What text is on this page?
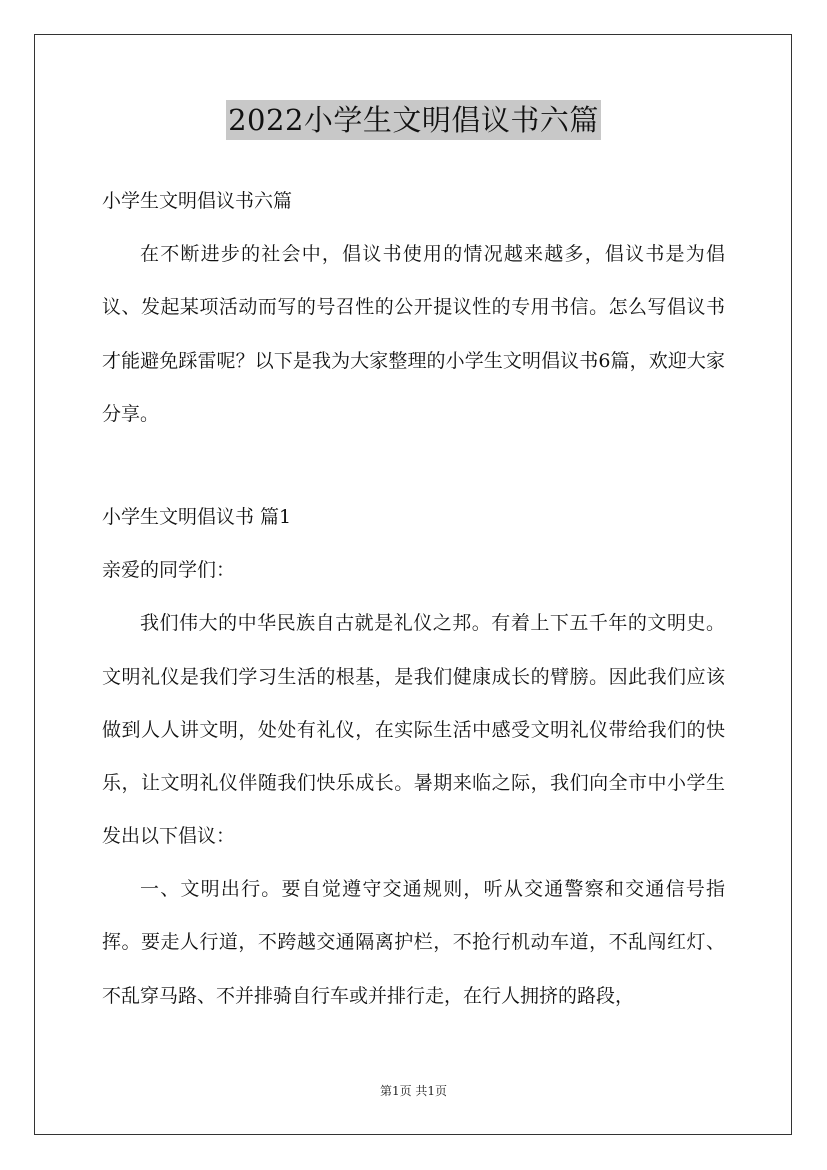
2022小学生文明倡议书六篇

小学生文明倡议书六篇

在不断进步的社会中，倡议书使用的情况越来越多，倡议书是为倡议、发起某项活动而写的号召性的公开提议性的专用书信。怎么写倡议书才能避免踩雷呢？以下是我为大家整理的小学生文明倡议书6篇，欢迎大家分享。

小学生文明倡议书 篇1

亲爱的同学们：

我们伟大的中华民族自古就是礼仪之邦。有着上下五千年的文明史。文明礼仪是我们学习生活的根基，是我们健康成长的臂膀。因此我们应该做到人人讲文明，处处有礼仪，在实际生活中感受文明礼仪带给我们的快乐，让文明礼仪伴随我们快乐成长。暑期来临之际，我们向全市中小学生发出以下倡议：

一、文明出行。要自觉遵守交通规则，听从交通警察和交通信号指挥。要走人行道，不跨越交通隔离护栏，不抢行机动车道，不乱闯红灯、不乱穿马路、不并排骑自行车或并排行走，在行人拥挤的路段，

第1页 共1页
